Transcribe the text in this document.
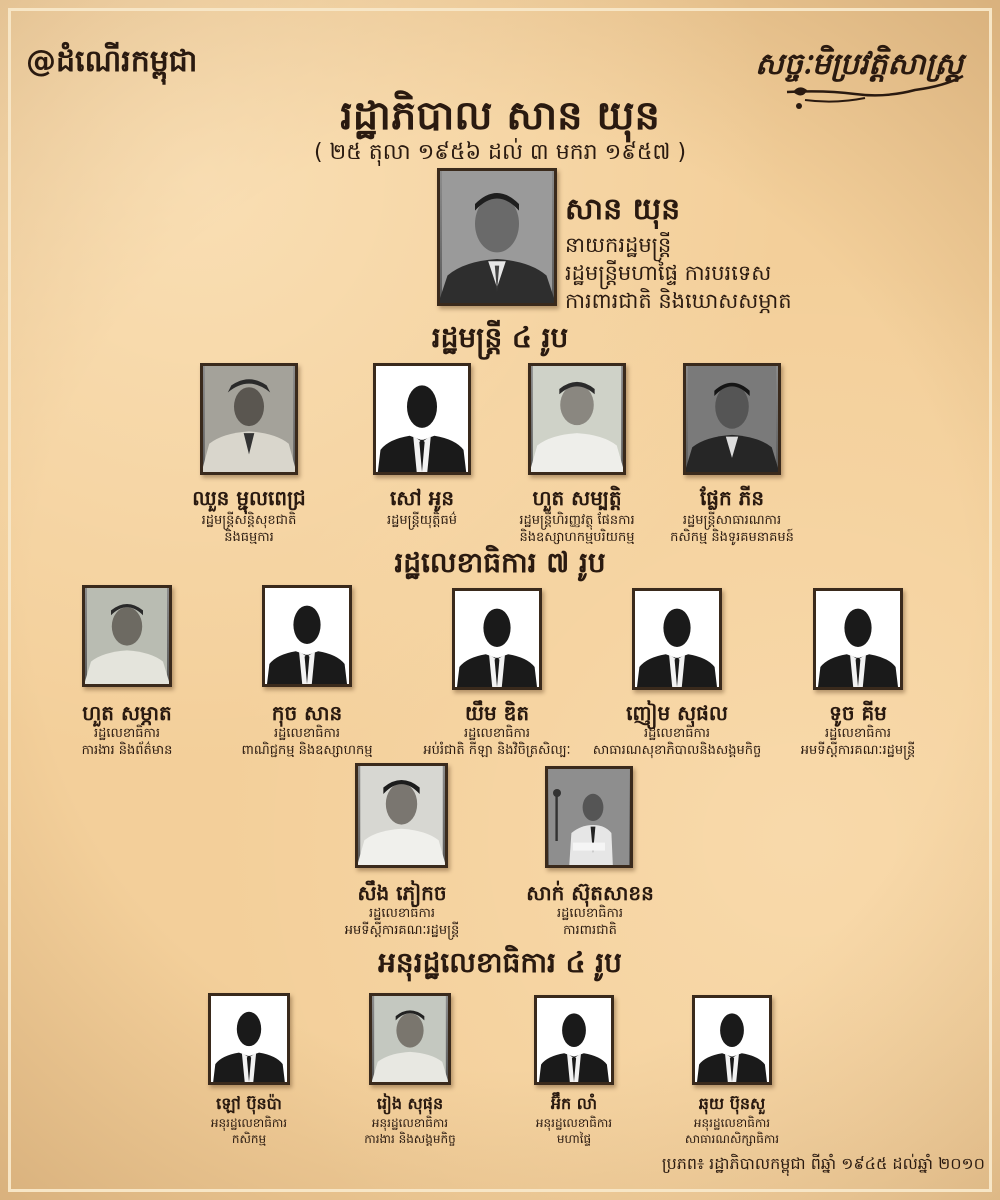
@ដំណើរកម្ពុជា	សច្ចៈមិប្រវត្តិសាស្ត្រ
រដ្ឋាភិបាល សាន យុន
( ២៥ តុលា ១៩៥៦ ដល់ ៣ មករា ១៩៥៧ )
សាន យុន
នាយករដ្ឋមន្ត្រី
រដ្ឋមន្ត្រីមហាផ្ទៃ ការបរទេស
ការពារជាតិ និងឃោសសម្ភាត
រដ្ឋមន្ត្រី ៤ រូប
ឈួន ម្ជុលពេជ្រ
រដ្ឋមន្ត្រីសន្តិសុខជាតិ
និងធម្មការ
សៅ អូន
រដ្ឋមន្ត្រីយុត្តិធម៌
ហួត សម្បត្តិ
រដ្ឋមន្ត្រីហិរញ្ញវត្ថុ ផែនការ
និងឧស្សាហកម្មបរិយកម្ម
ផ្លែក ភីន
រដ្ឋមន្ត្រីសាធារណការ
កសិកម្ម និងទូរគមនាគមន៍
រដ្ឋលេខាធិការ ៧ រូប
ហួត សម្ភាត
រដ្ឋលេខាធិការ
ការងារ និងព័ត៌មាន
កុច សាន
រដ្ឋលេខាធិការ
ពាណិជ្ជកម្ម និងឧស្សាហកម្ម
យឹម ឌិត
រដ្ឋលេខាធិការ
អប់រំជាតិ កីឡា និងវិចិត្រសិល្បៈ
ញៀម សុផល
រដ្ឋលេខាធិការ
សាធារណសុខាភិបាលនិងសង្គមកិច្ច
ទូច គីម
រដ្ឋលេខាធិការ
អមទីស្តីការគណៈរដ្ឋមន្ត្រី
សឹង ភៀកច
រដ្ឋលេខាធិការ
អមទីស្តីការគណៈរដ្ឋមន្ត្រី
សាក់ ស៊ុតសាខន
រដ្ឋលេខាធិការ
ការពារជាតិ
អនុរដ្ឋលេខាធិការ ៤ រូប
ឡៅ ប៊ុនប៉ា
អនុរដ្ឋលេខាធិការ
កសិកម្ម
រៀង សុផុន
អនុរដ្ឋលេខាធិការ
ការងារ និងសង្គមកិច្ច
អ៊ឹក លាំ
អនុរដ្ឋលេខាធិការ
មហាផ្ទៃ
ឆុយ ប៊ុនសួ
អនុរដ្ឋលេខាធិការ
សាធារណសិក្សាធិការ
ប្រភព៖ រដ្ឋាភិបាលកម្ពុជា ពីឆ្នាំ ១៩៤៥ ដល់ឆ្នាំ ២០១០
